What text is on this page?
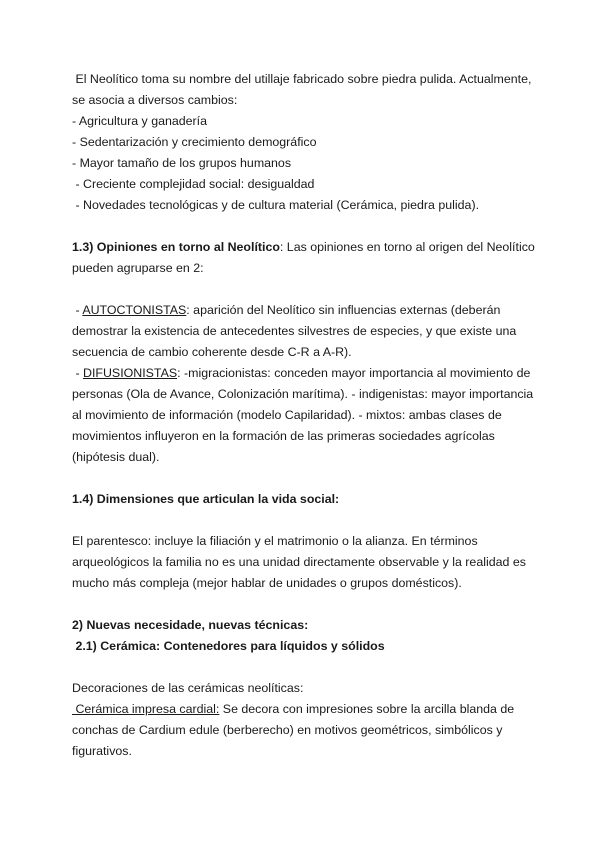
El Neolítico toma su nombre del utillaje fabricado sobre piedra pulida. Actualmente,
se asocia a diversos cambios:
- Agricultura y ganadería
- Sedentarización y crecimiento demográfico
- Mayor tamaño de los grupos humanos
- Creciente complejidad social: desigualdad
- Novedades tecnológicas y de cultura material (Cerámica, piedra pulida).
1.3) Opiniones en torno al Neolítico: Las opiniones en torno al origen del Neolítico
pueden agruparse en 2:
- AUTOCTONISTAS: aparición del Neolítico sin influencias externas (deberán
demostrar la existencia de antecedentes silvestres de especies, y que existe una
secuencia de cambio coherente desde C-R a A-R).
- DIFUSIONISTAS: -migracionistas: conceden mayor importancia al movimiento de
personas (Ola de Avance, Colonización marítima). - indigenistas: mayor importancia
al movimiento de información (modelo Capilaridad). - mixtos: ambas clases de
movimientos influyeron en la formación de las primeras sociedades agrícolas
(hipótesis dual).
1.4) Dimensiones que articulan la vida social:
El parentesco: incluye la filiación y el matrimonio o la alianza. En términos
arqueológicos la familia no es una unidad directamente observable y la realidad es
mucho más compleja (mejor hablar de unidades o grupos domésticos).
2) Nuevas necesidade, nuevas técnicas:
2.1) Cerámica: Contenedores para líquidos y sólidos
Decoraciones de las cerámicas neolíticas:
Cerámica impresa cardial: Se decora con impresiones sobre la arcilla blanda de
conchas de Cardium edule (berberecho) en motivos geométricos, simbólicos y
figurativos.
